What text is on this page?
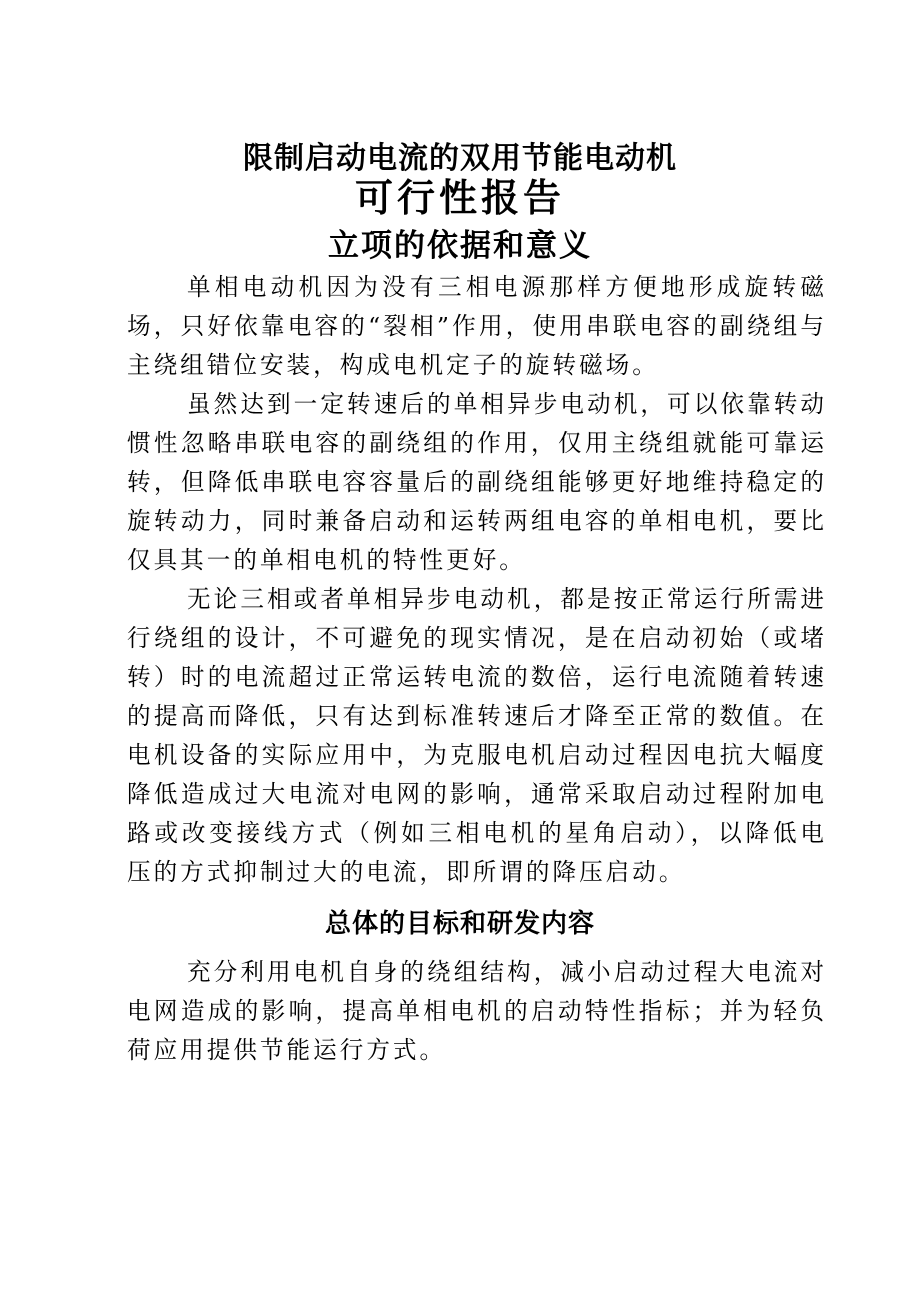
限制启动电流的双用节能电动机
可行性报告
立项的依据和意义

单相电动机因为没有三相电源那样方便地形成旋转磁场，只好依靠电容的“裂相”作用，使用串联电容的副绕组与主绕组错位安装，构成电机定子的旋转磁场。

虽然达到一定转速后的单相异步电动机，可以依靠转动惯性忽略串联电容的副绕组的作用，仅用主绕组就能可靠运转，但降低串联电容容量后的副绕组能够更好地维持稳定的旋转动力，同时兼备启动和运转两组电容的单相电机，要比仅具其一的单相电机的特性更好。

无论三相或者单相异步电动机，都是按正常运行所需进行绕组的设计，不可避免的现实情况，是在启动初始（或堵转）时的电流超过正常运转电流的数倍，运行电流随着转速的提高而降低，只有达到标准转速后才降至正常的数值。在电机设备的实际应用中，为克服电机启动过程因电抗大幅度降低造成过大电流对电网的影响，通常采取启动过程附加电路或改变接线方式（例如三相电机的星角启动），以降低电压的方式抑制过大的电流，即所谓的降压启动。

总体的目标和研发内容

充分利用电机自身的绕组结构，减小启动过程大电流对电网造成的影响，提高单相电机的启动特性指标；并为轻负荷应用提供节能运行方式。
